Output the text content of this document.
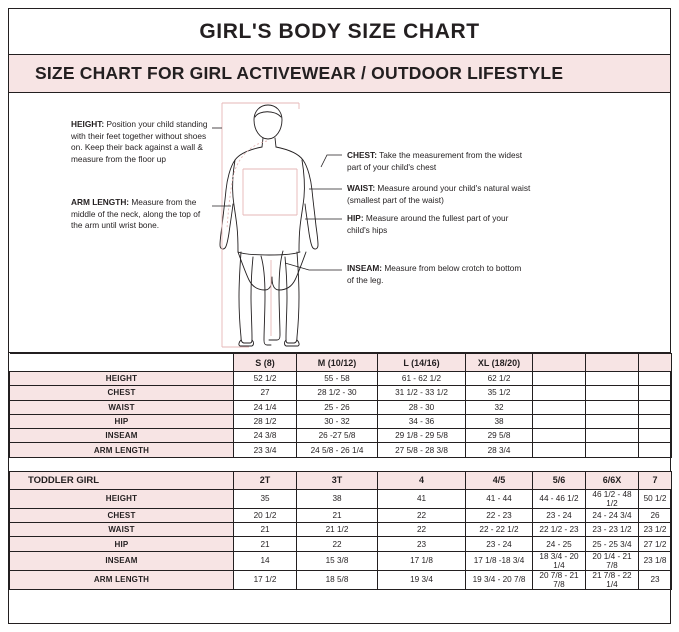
GIRL'S BODY SIZE CHART
SIZE CHART FOR GIRL ACTIVEWEAR / OUTDOOR LIFESTYLE
HEIGHT: Position your child standing with their feet together without shoes on. Keep their back against a wall & measure from the floor up
ARM LENGTH: Measure from the middle of the neck, along the top of the arm until wrist bone.
CHEST: Take the measurement from the widest part of your child's chest
WAIST: Measure around your child's natural waist (smallest part of the waist)
HIP: Measure around the fullest part of your child's hips
INSEAM: Measure from below crotch to bottom of the leg.
	S (8)	M (10/12)	L (14/16)	XL (18/20)			
HEIGHT	52 1/2	55 - 58	61 - 62 1/2	62 1/2			
CHEST	27	28 1/2 - 30	31 1/2 - 33 1/2	35 1/2			
WAIST	24 1/4	25 - 26	28 - 30	32			
HIP	28 1/2	30 - 32	34 - 36	38			
INSEAM	24 3/8	26 -27 5/8	29 1/8 - 29 5/8	29 5/8			
ARM LENGTH	23 3/4	24 5/8 - 26 1/4	27 5/8 - 28 3/8	28 3/4			
TODDLER GIRL	2T	3T	4	4/5	5/6	6/6X	7
HEIGHT	35	38	41	41 - 44	44 - 46 1/2	46 1/2 - 48 1/2	50 1/2
CHEST	20 1/2	21	22	22 - 23	23 - 24	24 - 24 3/4	26
WAIST	21	21 1/2	22	22 - 22 1/2	22 1/2 - 23	23 - 23 1/2	23 1/2
HIP	21	22	23	23 - 24	24 - 25	25 - 25 3/4	27 1/2
INSEAM	14	15 3/8	17 1/8	17 1/8 -18 3/4	18 3/4 - 20 1/4	20 1/4 - 21 7/8	23 1/8
ARM LENGTH	17 1/2	18 5/8	19 3/4	19 3/4 - 20 7/8	20 7/8 - 21 7/8	21 7/8 - 22 1/4	23
